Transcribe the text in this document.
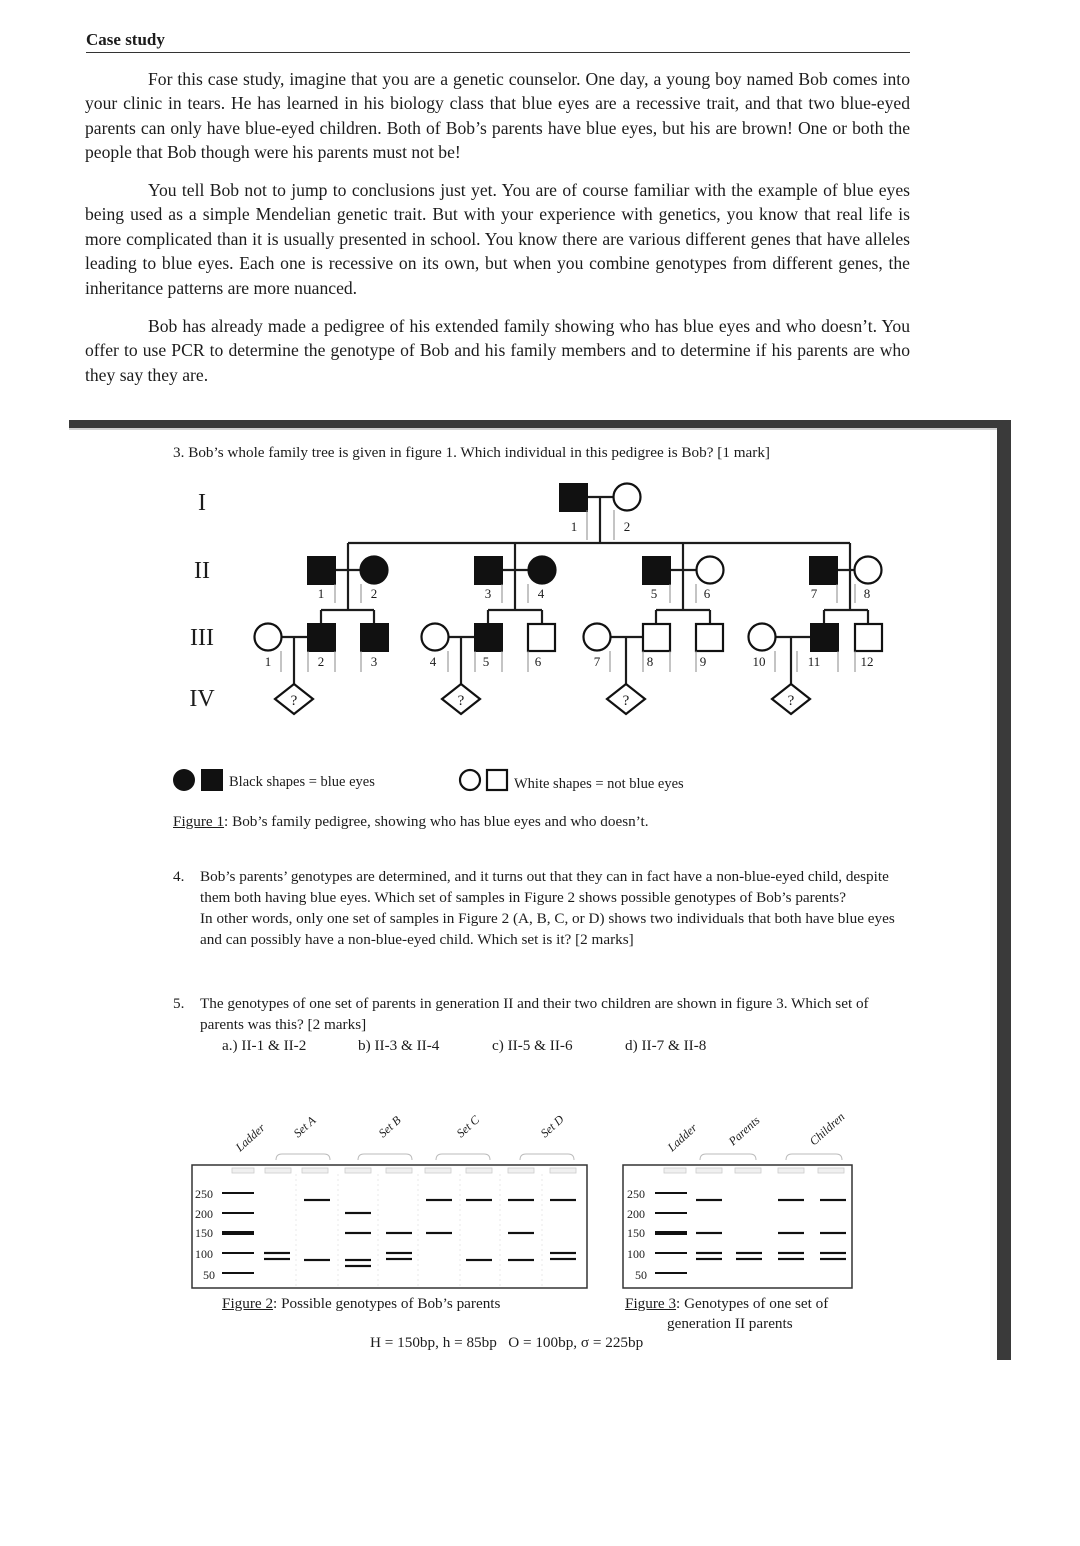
Case study

For this case study, imagine that you are a genetic counselor. One day, a young boy named Bob comes into your clinic in tears. He has learned in his biology class that blue eyes are a recessive trait, and that two blue-eyed parents can only have blue-eyed children. Both of Bob’s parents have blue eyes, but his are brown! One or both the people that Bob though were his parents must not be!

You tell Bob not to jump to conclusions just yet. You are of course familiar with the example of blue eyes being used as a simple Mendelian genetic trait. But with your experience with genetics, you know that real life is more complicated than it is usually presented in school. You know there are various different genes that have alleles leading to blue eyes. Each one is recessive on its own, but when you combine genotypes from different genes, the inheritance patterns are more nuanced.

Bob has already made a pedigree of his extended family showing who has blue eyes and who doesn’t. You offer to use PCR to determine the genotype of Bob and his family members and to determine if his parents are who they say they are.

3. Bob’s whole family tree is given in figure 1. Which individual in this pedigree is Bob? [1 mark]
I
II
III
IV	?	?	?	?
1	2
1	2	3	4	5	6	7	8
1	2	3	4	5	6	7	8	9	10	11	12
Black shapes = blue eyes	White shapes = not blue eyes
Figure 1: Bob’s family pedigree, showing who has blue eyes and who doesn’t.
4. Bob’s parents’ genotypes are determined, and it turns out that they can in fact have a non-blue-eyed child, despite them both having blue eyes. Which set of samples in Figure 2 shows possible genotypes of Bob’s parents?
In other words, only one set of samples in Figure 2 (A, B, C, or D) shows two individuals that both have blue eyes and can possibly have a non-blue-eyed child. Which set is it? [2 marks]
5. The genotypes of one set of parents in generation II and their two children are shown in figure 3. Which set of parents was this? [2 marks]
a.) II-1 & II-2	b) II-3 & II-4	c) II-5 & II-6	d) II-7 & II-8
Ladder Set A	Set B	Set C	Set D	Ladder Parents	Children
250
200
150
100
50
250
200
150
100
50
Figure 2: Possible genotypes of Bob’s parents	Figure 3: Genotypes of one set of
generation II parents
H = 150bp, h = 85bp   O = 100bp, σ = 225bp
